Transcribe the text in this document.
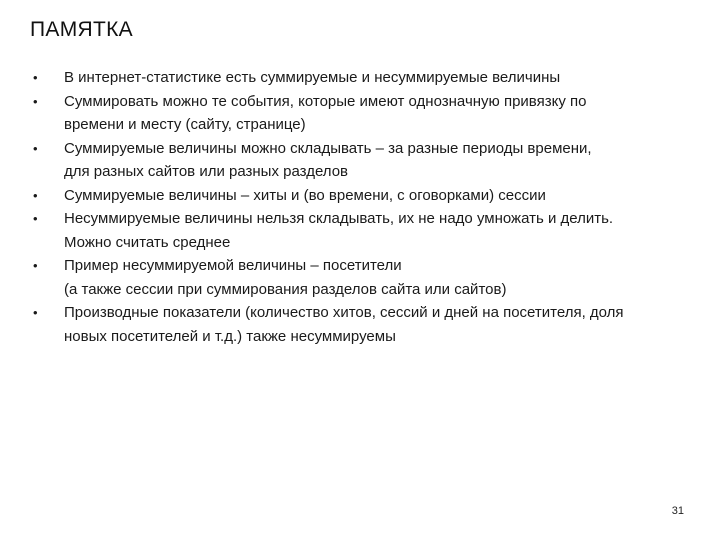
ПАМЯТКА
•	В интернет-статистике есть суммируемые и несуммируемые величины
•	Суммировать можно те события, которые имеют однозначную привязку по
времени и месту (сайту, странице)
•	Суммируемые величины можно складывать – за разные периоды времени,
для разных сайтов или разных разделов
•	Суммируемые величины – хиты и (во времени, с оговорками) сессии
•	Несуммируемые величины нельзя складывать, их не надо умножать и делить.
Можно считать среднее
•	Пример несуммируемой величины – посетители
(а также сессии при суммирования разделов сайта или сайтов)
•	Производные показатели (количество хитов, сессий и дней на посетителя, доля
новых посетителей и т.д.) также несуммируемы
31
